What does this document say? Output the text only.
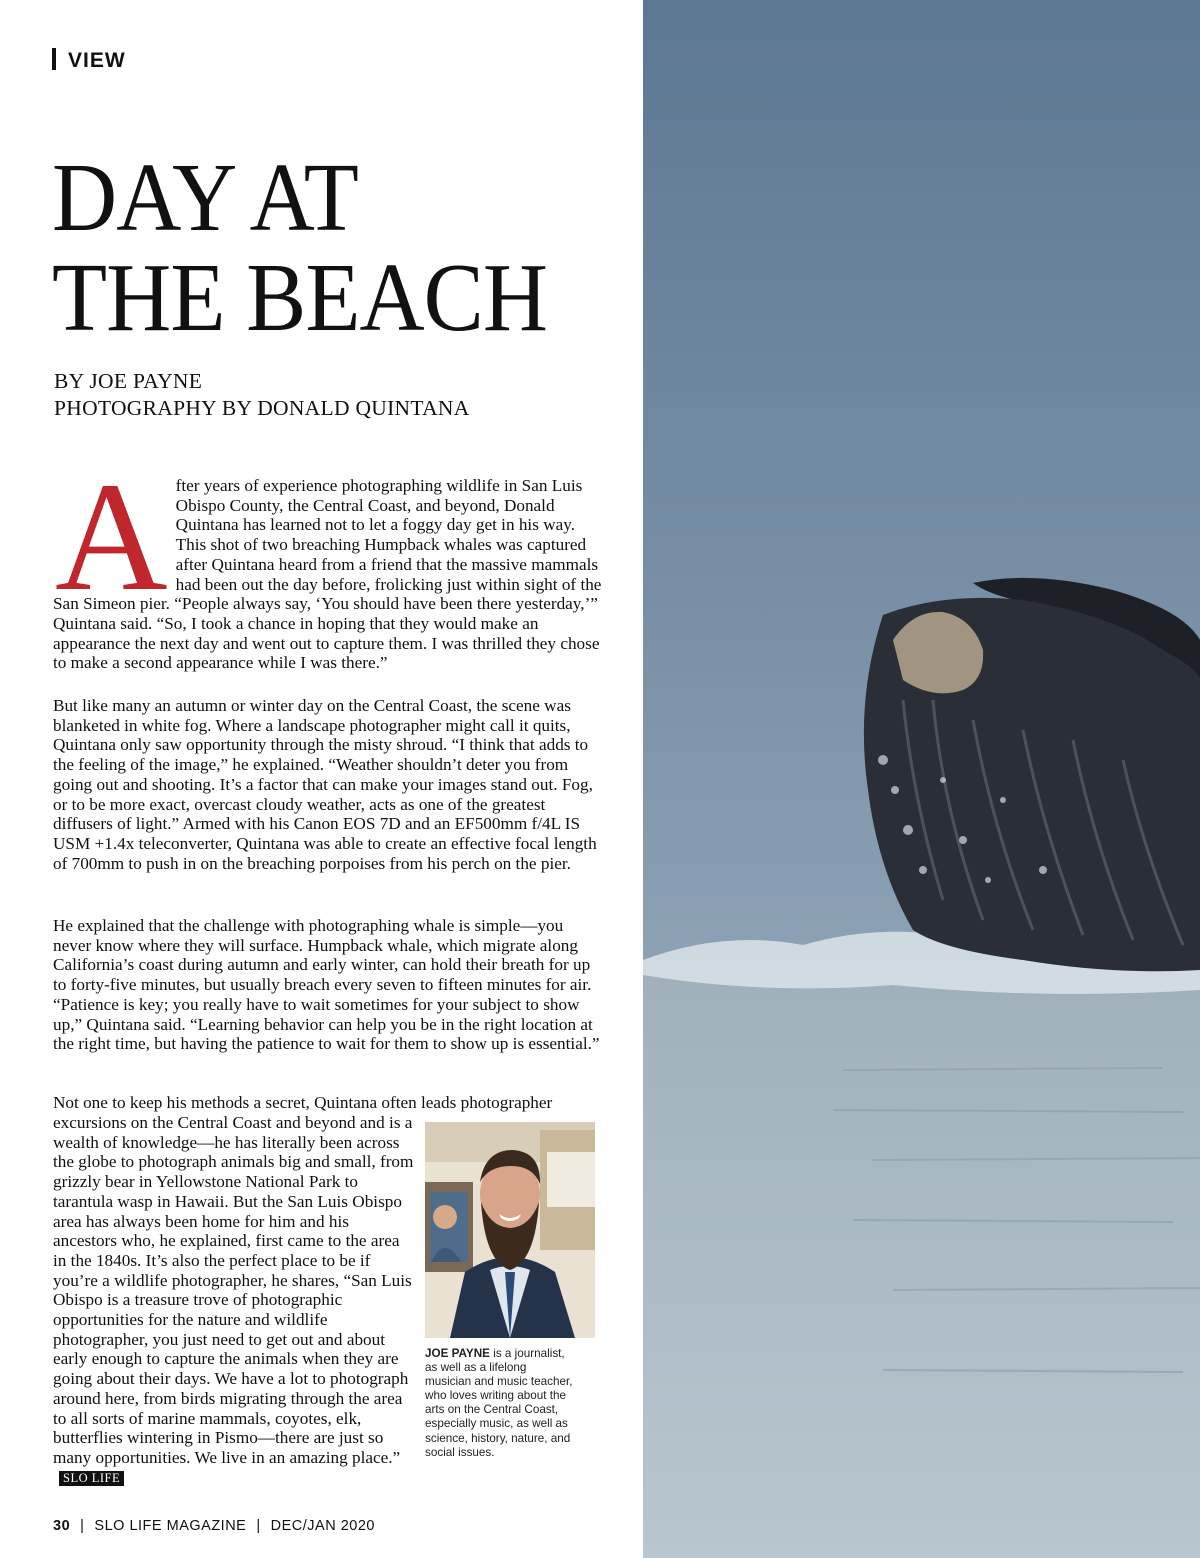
VIEW
DAY AT
THE BEACH
BY JOE PAYNE
PHOTOGRAPHY BY DONALD QUINTANA
After years of experience photographing wildlife in San Luis Obispo County, the Central Coast, and beyond, Donald Quintana has learned not to let a foggy day get in his way. This shot of two breaching Humpback whales was captured after Quintana heard from a friend that the massive mammals had been out the day before, frolicking just within sight of the San Simeon pier. “People always say, ‘You should have been there yesterday,’” Quintana said. “So, I took a chance in hoping that they would make an appearance the next day and went out to capture them. I was thrilled they chose to make a second appearance while I was there.”
But like many an autumn or winter day on the Central Coast, the scene was blanketed in white fog. Where a landscape photographer might call it quits, Quintana only saw opportunity through the misty shroud. “I think that adds to the feeling of the image,” he explained. “Weather shouldn’t deter you from going out and shooting. It’s a factor that can make your images stand out. Fog, or to be more exact, overcast cloudy weather, acts as one of the greatest diffusers of light.” Armed with his Canon EOS 7D and an EF500mm f/4L IS USM +1.4x teleconverter, Quintana was able to create an effective focal length of 700mm to push in on the breaching porpoises from his perch on the pier.
He explained that the challenge with photographing whale is simple—you never know where they will surface. Humpback whale, which migrate along California’s coast during autumn and early winter, can hold their breath for up to forty-five minutes, but usually breach every seven to fifteen minutes for air. “Patience is key; you really have to wait sometimes for your subject to show up,” Quintana said. “Learning behavior can help you be in the right location at the right time, but having the patience to wait for them to show up is essential.”
Not one to keep his methods a secret, Quintana often leads photographer
excursions on the Central Coast and beyond and is a wealth of knowledge—he has literally been across the globe to photograph animals big and small, from grizzly bear in Yellowstone National Park to tarantula wasp in Hawaii. But the San Luis Obispo area has always been home for him and his ancestors who, he explained, first came to the area in the 1840s. It’s also the perfect place to be if you’re a wildlife photographer, he shares, “San Luis Obispo is a treasure trove of photographic opportunities for the nature and wildlife photographer, you just need to get out and about early enough to capture the animals when they are going about their days. We have a lot to photograph around here, from birds migrating through the area to all sorts of marine mammals, coyotes, elk, butterflies wintering in Pismo—there are just so many opportunities. We live in an amazing place.”SLO LIFE
JOE PAYNE is a journalist, as well as a lifelong musician and music teacher, who loves writing about the arts on the Central Coast, especially music, as well as science, history, nature, and social issues.
30 | SLO LIFE MAGAZINE | DEC/JAN 2020
